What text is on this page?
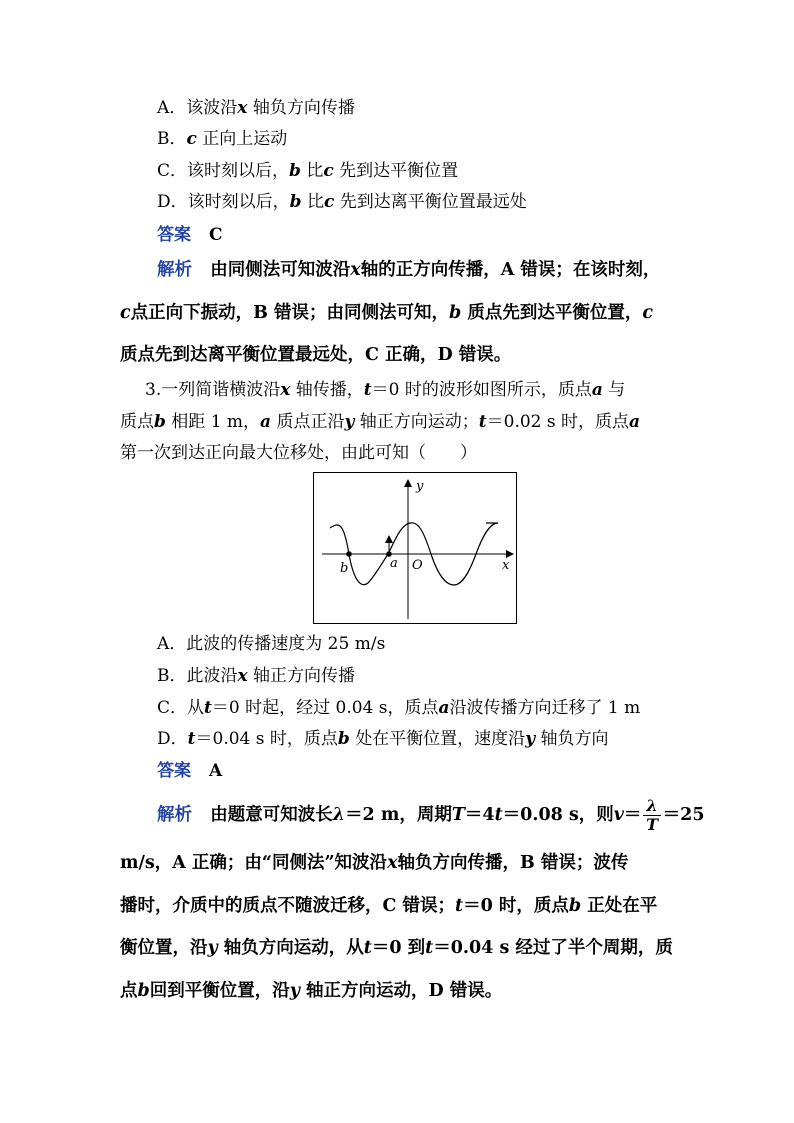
A．该波沿x 轴负方向传播
B．c 正向上运动
C．该时刻以后，b 比c 先到达平衡位置
D．该时刻以后，b 比c 先到达离平衡位置最远处
答案 C
解析 由同侧法可知波沿x轴的正方向传播，A 错误；在该时刻，
c点正向下振动，B 错误；由同侧法可知，b 质点先到达平衡位置，c
质点先到达离平衡位置最远处，C 正确，D 错误。
3.一列简谐横波沿x 轴传播，t＝0 时的波形如图所示，质点a 与
质点b 相距 1 m，a 质点正沿y 轴正方向运动；t＝0.02 s 时，质点a
第一次到达正向最大位移处，由此可知（　　）
y
x
O
a
b
A．此波的传播速度为 25 m/s
B．此波沿x 轴正方向传播
C．从t＝0 时起，经过 0.04 s，质点a沿波传播方向迁移了 1 m
D．t＝0.04 s 时，质点b 处在平衡位置，速度沿y 轴负方向
答案 A
解析 由题意可知波长λ＝2 m，周期T＝4t＝0.08 s，则$v= \frac{\lambda}{T} =25$
m/s，A 正确；由“同侧法”知波沿x轴负方向传播，B 错误；波传
播时，介质中的质点不随波迁移，C 错误；t＝0 时，质点b 正处在平
衡位置，沿y 轴负方向运动，从t＝0 到t＝0.04 s 经过了半个周期，质
点b回到平衡位置，沿y 轴正方向运动，D 错误。
